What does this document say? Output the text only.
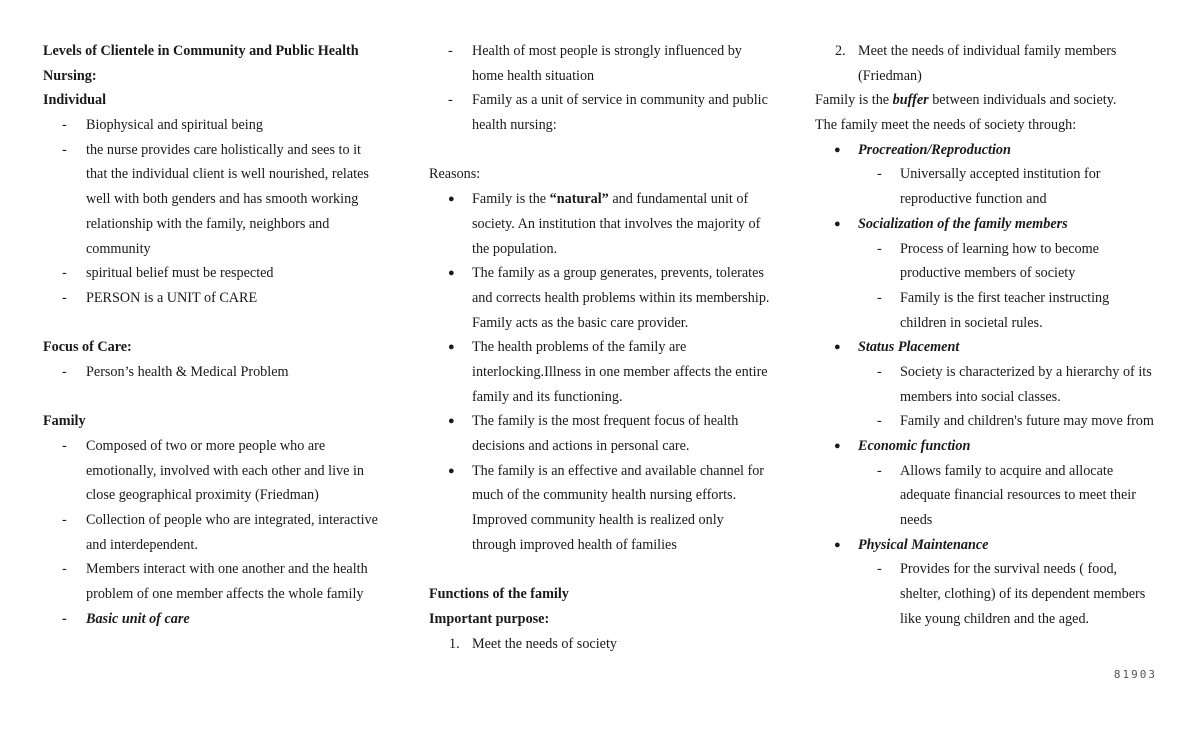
Levels of Clientele in Community and Public Health
Nursing:
Individual
- Biophysical and spiritual being
- the nurse provides care holistically and sees to it
that the individual client is well nourished, relates
well with both genders and has smooth working
relationship with the family, neighbors and
community
- spiritual belief must be respected
- PERSON is a UNIT of CARE
Focus of Care:
- Person’s health & Medical Problem
Family
- Composed of two or more people who are
emotionally, involved with each other and live in
close geographical proximity (Friedman)
- Collection of people who are integrated, interactive
and interdependent.
- Members interact with one another and the health
problem of one member affects the whole family
- Basic unit of care
- Health of most people is strongly influenced by
home health situation
- Family as a unit of service in community and public
health nursing:
Reasons:
● Family is the “natural” and fundamental unit of
society. An institution that involves the majority of
the population.
● The family as a group generates, prevents, tolerates
and corrects health problems within its membership.
Family acts as the basic care provider.
● The health problems of the family are
interlocking.Illness in one member affects the entire
family and its functioning.
● The family is the most frequent focus of health
decisions and actions in personal care.
● The family is an effective and available channel for
much of the community health nursing efforts.
Improved community health is realized only
through improved health of families
Functions of the family
Important purpose:
1. Meet the needs of society
2. Meet the needs of individual family members
(Friedman)
Family is the buffer between individuals and society.
The family meet the needs of society through:
● Procreation/Reproduction
- Universally accepted institution for
reproductive function and
● Socialization of the family members
- Process of learning how to become
productive members of society
- Family is the first teacher instructing
children in societal rules.
● Status Placement
- Society is characterized by a hierarchy of its
members into social classes.
- Family and children's future may move from
● Economic function
- Allows family to acquire and allocate
adequate financial resources to meet their
needs
● Physical Maintenance
- Provides for the survival needs ( food,
shelter, clothing) of its dependent members
like young children and the aged.
81903
